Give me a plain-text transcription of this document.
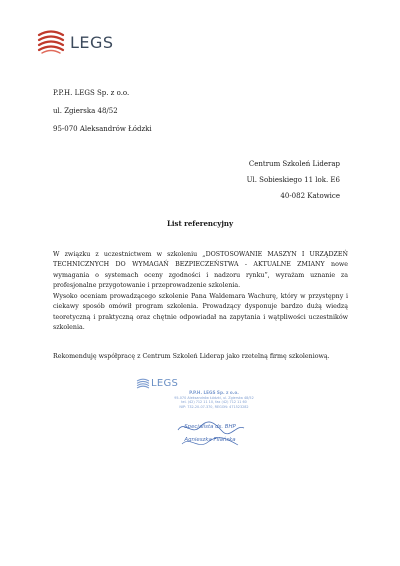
LEGS
P.P.H. LEGS Sp. z o.o.
ul. Zgierska 48/52
95-070 Aleksandrów Łódzki
Centrum Szkoleń Liderap
Ul. Sobieskiego 11 lok. E6
40-082 Katowice
List referencyjny
W związku z uczestnictwem w szkoleniu „DOSTOSOWANIE MASZYN I URZĄDZEŃ TECHNICZNYCH DO WYMAGAŃ BEZPIECZEŃSTWA - AKTUALNE ZMIANY nowe wymagania o systemach oceny zgodności i nadzoru rynku”, wyrażam uznanie za profesjonalne przygotowanie i przeprowadzenie szkolenia.
Wysoko oceniam prowadzącego szkolenie Pana Waldemara Wachurę, który w przystępny i ciekawy sposób omówił program szkolenia. Prowadzący dysponuje bardzo dużą wiedzą teoretyczną i praktyczną oraz chętnie odpowiadał na zapytania i wątpliwości uczestników szkolenia.
Rekomenduję współpracę z Centrum Szkoleń Liderap jako rzetelną firmę szkoleniową.
LEGS
P.P.H. LEGS Sp. z o.o.
95-070 Aleksandrów Łódzki, ul. Zgierska 48/52
tel. (42) 712 11 10, fax (42) 712 11 60
NIP: 732-20-07-370, REGON: 471523282
Specjalista ds. BHP
Agnieszka Filańska
